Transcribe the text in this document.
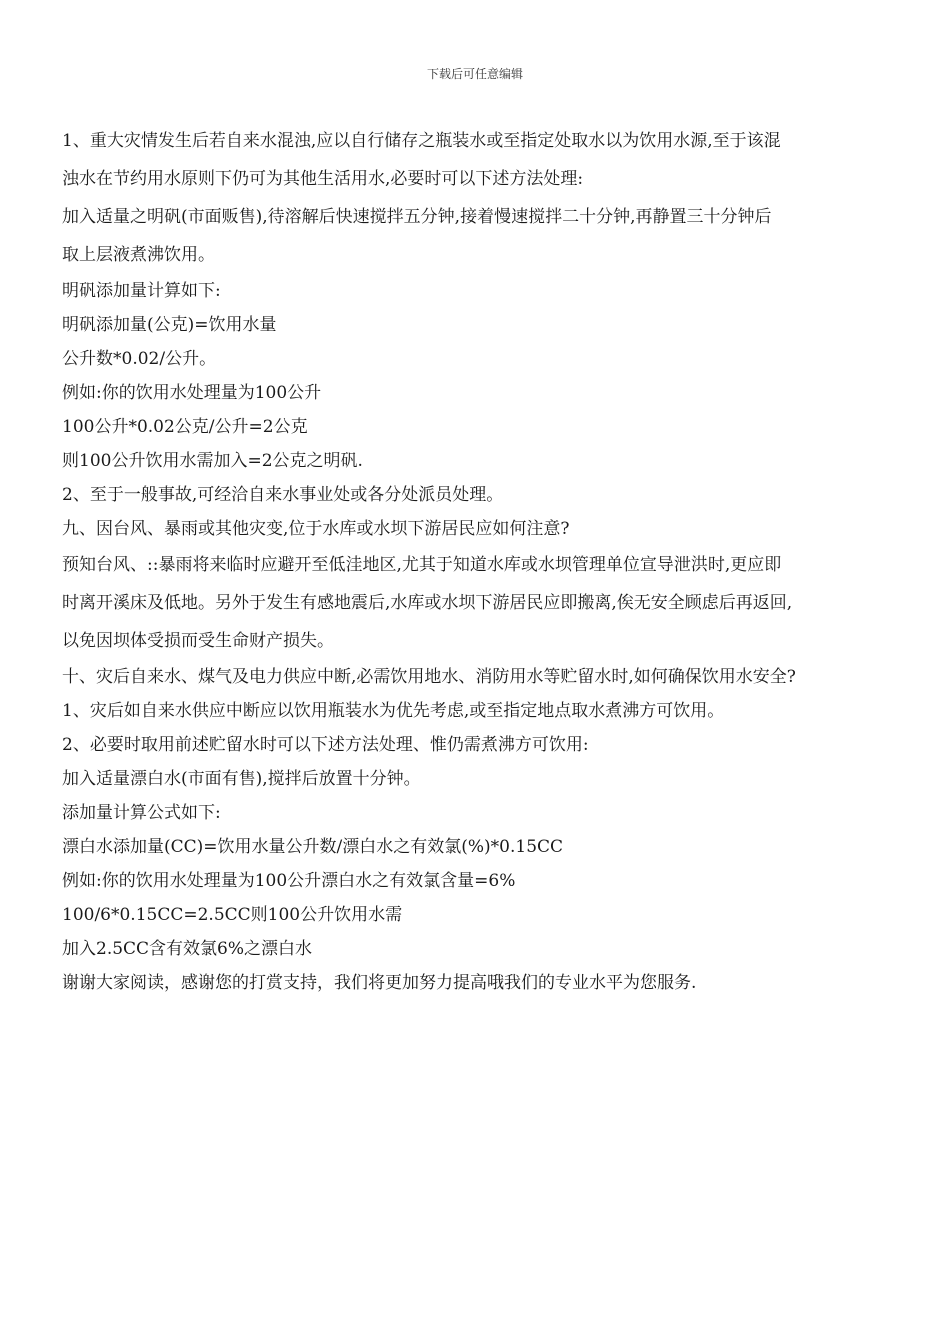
下载后可任意编辑
1、重大灾情发生后若自来水混浊,应以自行储存之瓶装水或至指定处取水以为饮用水源,至于该混
浊水在节约用水原则下仍可为其他生活用水,必要时可以下述方法处理:
加入适量之明矾(市面贩售),待溶解后快速搅拌五分钟,接着慢速搅拌二十分钟,再静置三十分钟后
取上层液煮沸饮用。
明矾添加量计算如下:
明矾添加量(公克)=饮用水量
公升数*0.02/公升。
例如:你的饮用水处理量为100公升
100公升*0.02公克/公升=2公克
则100公升饮用水需加入=2公克之明矾.
2、至于一般事故,可经洽自来水事业处或各分处派员处理。
九、因台风、暴雨或其他灾变,位于水库或水坝下游居民应如何注意?
预知台风、::暴雨将来临时应避开至低洼地区,尤其于知道水库或水坝管理单位宣导泄洪时,更应即
时离开溪床及低地。另外于发生有感地震后,水库或水坝下游居民应即搬离,俟无安全顾虑后再返回,
以免因坝体受损而受生命财产损失。
十、灾后自来水、煤气及电力供应中断,必需饮用地水、消防用水等贮留水时,如何确保饮用水安全?
1、灾后如自来水供应中断应以饮用瓶装水为优先考虑,或至指定地点取水煮沸方可饮用。
2、必要时取用前述贮留水时可以下述方法处理、惟仍需煮沸方可饮用:
加入适量漂白水(市面有售),搅拌后放置十分钟。
添加量计算公式如下:
漂白水添加量(CC)=饮用水量公升数/漂白水之有效氯(%)*0.15CC
例如:你的饮用水处理量为100公升漂白水之有效氯含量=6%
100/6*0.15CC=2.5CC则100公升饮用水需
加入2.5CC含有效氯6%之漂白水
谢谢大家阅读，感谢您的打赏支持，我们将更加努力提高哦我们的专业水平为您服务.
